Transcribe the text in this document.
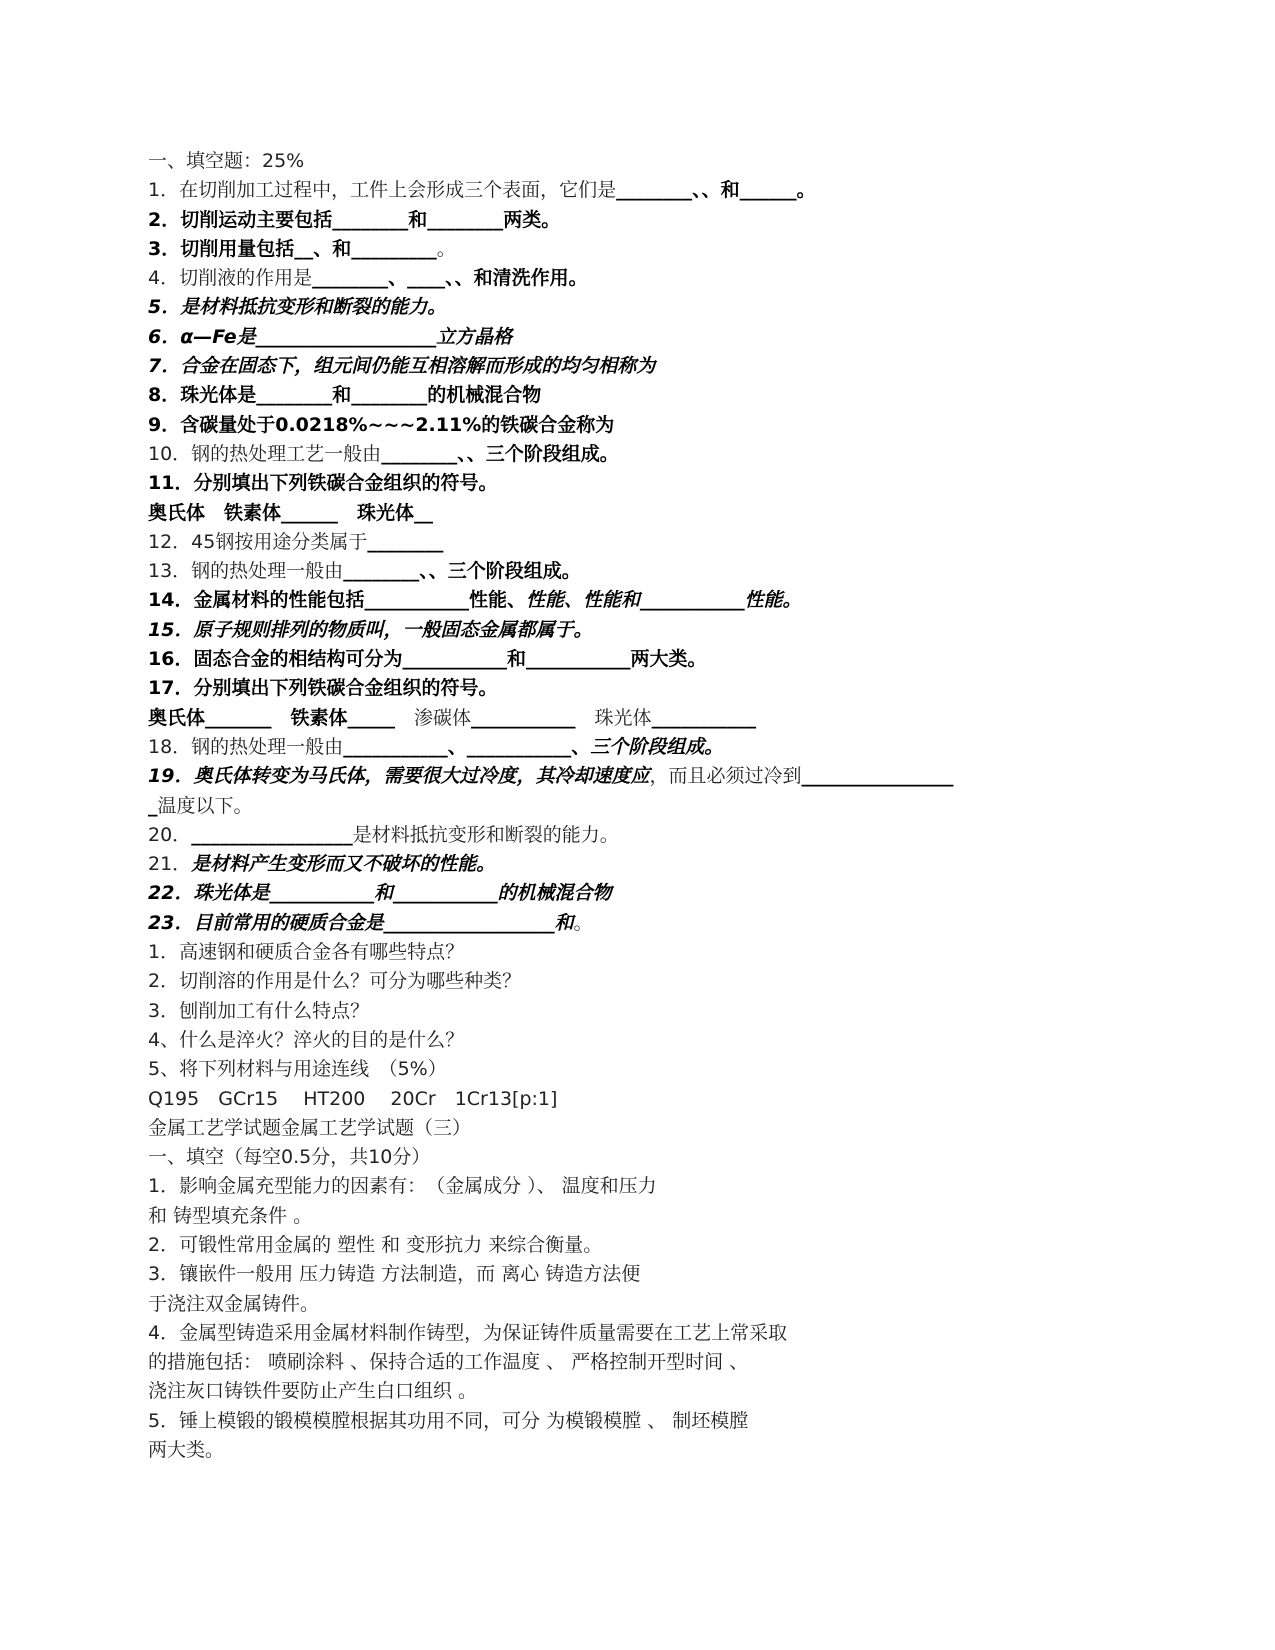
一、填空题：25%
1．在切削加工过程中，工件上会形成三个表面，它们是________、、和______。
2．切削运动主要包括________和________两类。
3．切削用量包括__、和_________。
4．切削液的作用是________、____、、和清洗作用。
5．是材料抵抗变形和断裂的能力。
6．α—Fe是___________________立方晶格
7．合金在固态下，组元间仍能互相溶解而形成的均匀相称为
8．珠光体是________和________的机械混合物
9．含碳量处于0.0218%~~~2.11%的铁碳合金称为
10．钢的热处理工艺一般由________、、三个阶段组成。
11．分别填出下列铁碳合金组织的符号。
奥氏体　铁素体______　珠光体__
12．45钢按用途分类属于________
13．钢的热处理一般由________、、三个阶段组成。
14．金属材料的性能包括___________性能、性能、性能和___________性能。
15．原子规则排列的物质叫，一般固态金属都属于。
16．固态合金的相结构可分为___________和___________两大类。
17．分别填出下列铁碳合金组织的符号。
奥氏体_______　铁素体_____　渗碳体___________　珠光体___________
18．钢的热处理一般由___________、___________、三个阶段组成。
19．奥氏体转变为马氏体，需要很大过冷度，其冷却速度应，而且必须过冷到________________
_温度以下。
20．_________________是材料抵抗变形和断裂的能力。
21．是材料产生变形而又不破坏的性能。
22．珠光体是___________和___________的机械混合物
23．目前常用的硬质合金是__________________和。
1．高速钢和硬质合金各有哪些特点？
2．切削溶的作用是什么？可分为哪些种类？
3．刨削加工有什么特点？
4、什么是淬火？淬火的目的是什么？
5、将下列材料与用途连线　（5%）
Q195　GCr15　 HT200　 20Cr　1Cr13[p:1]
金属工艺学试题金属工艺学试题（三）
一、填空（每空0.5分，共10分）
1．影响金属充型能力的因素有：　（金属成分 ）、 温度和压力
和 铸型填充条件 。
2．可锻性常用金属的 塑性 和 变形抗力 来综合衡量。
3．镶嵌件一般用 压力铸造 方法制造，而 离心 铸造方法便
于浇注双金属铸件。
4．金属型铸造采用金属材料制作铸型，为保证铸件质量需要在工艺上常采取
的措施包括： 喷刷涂料 、保持合适的工作温度 、 严格控制开型时间 、
浇注灰口铸铁件要防止产生白口组织 。
5．锤上模锻的锻模模膛根据其功用不同，可分 为模锻模膛 、 制坯模膛
两大类。
